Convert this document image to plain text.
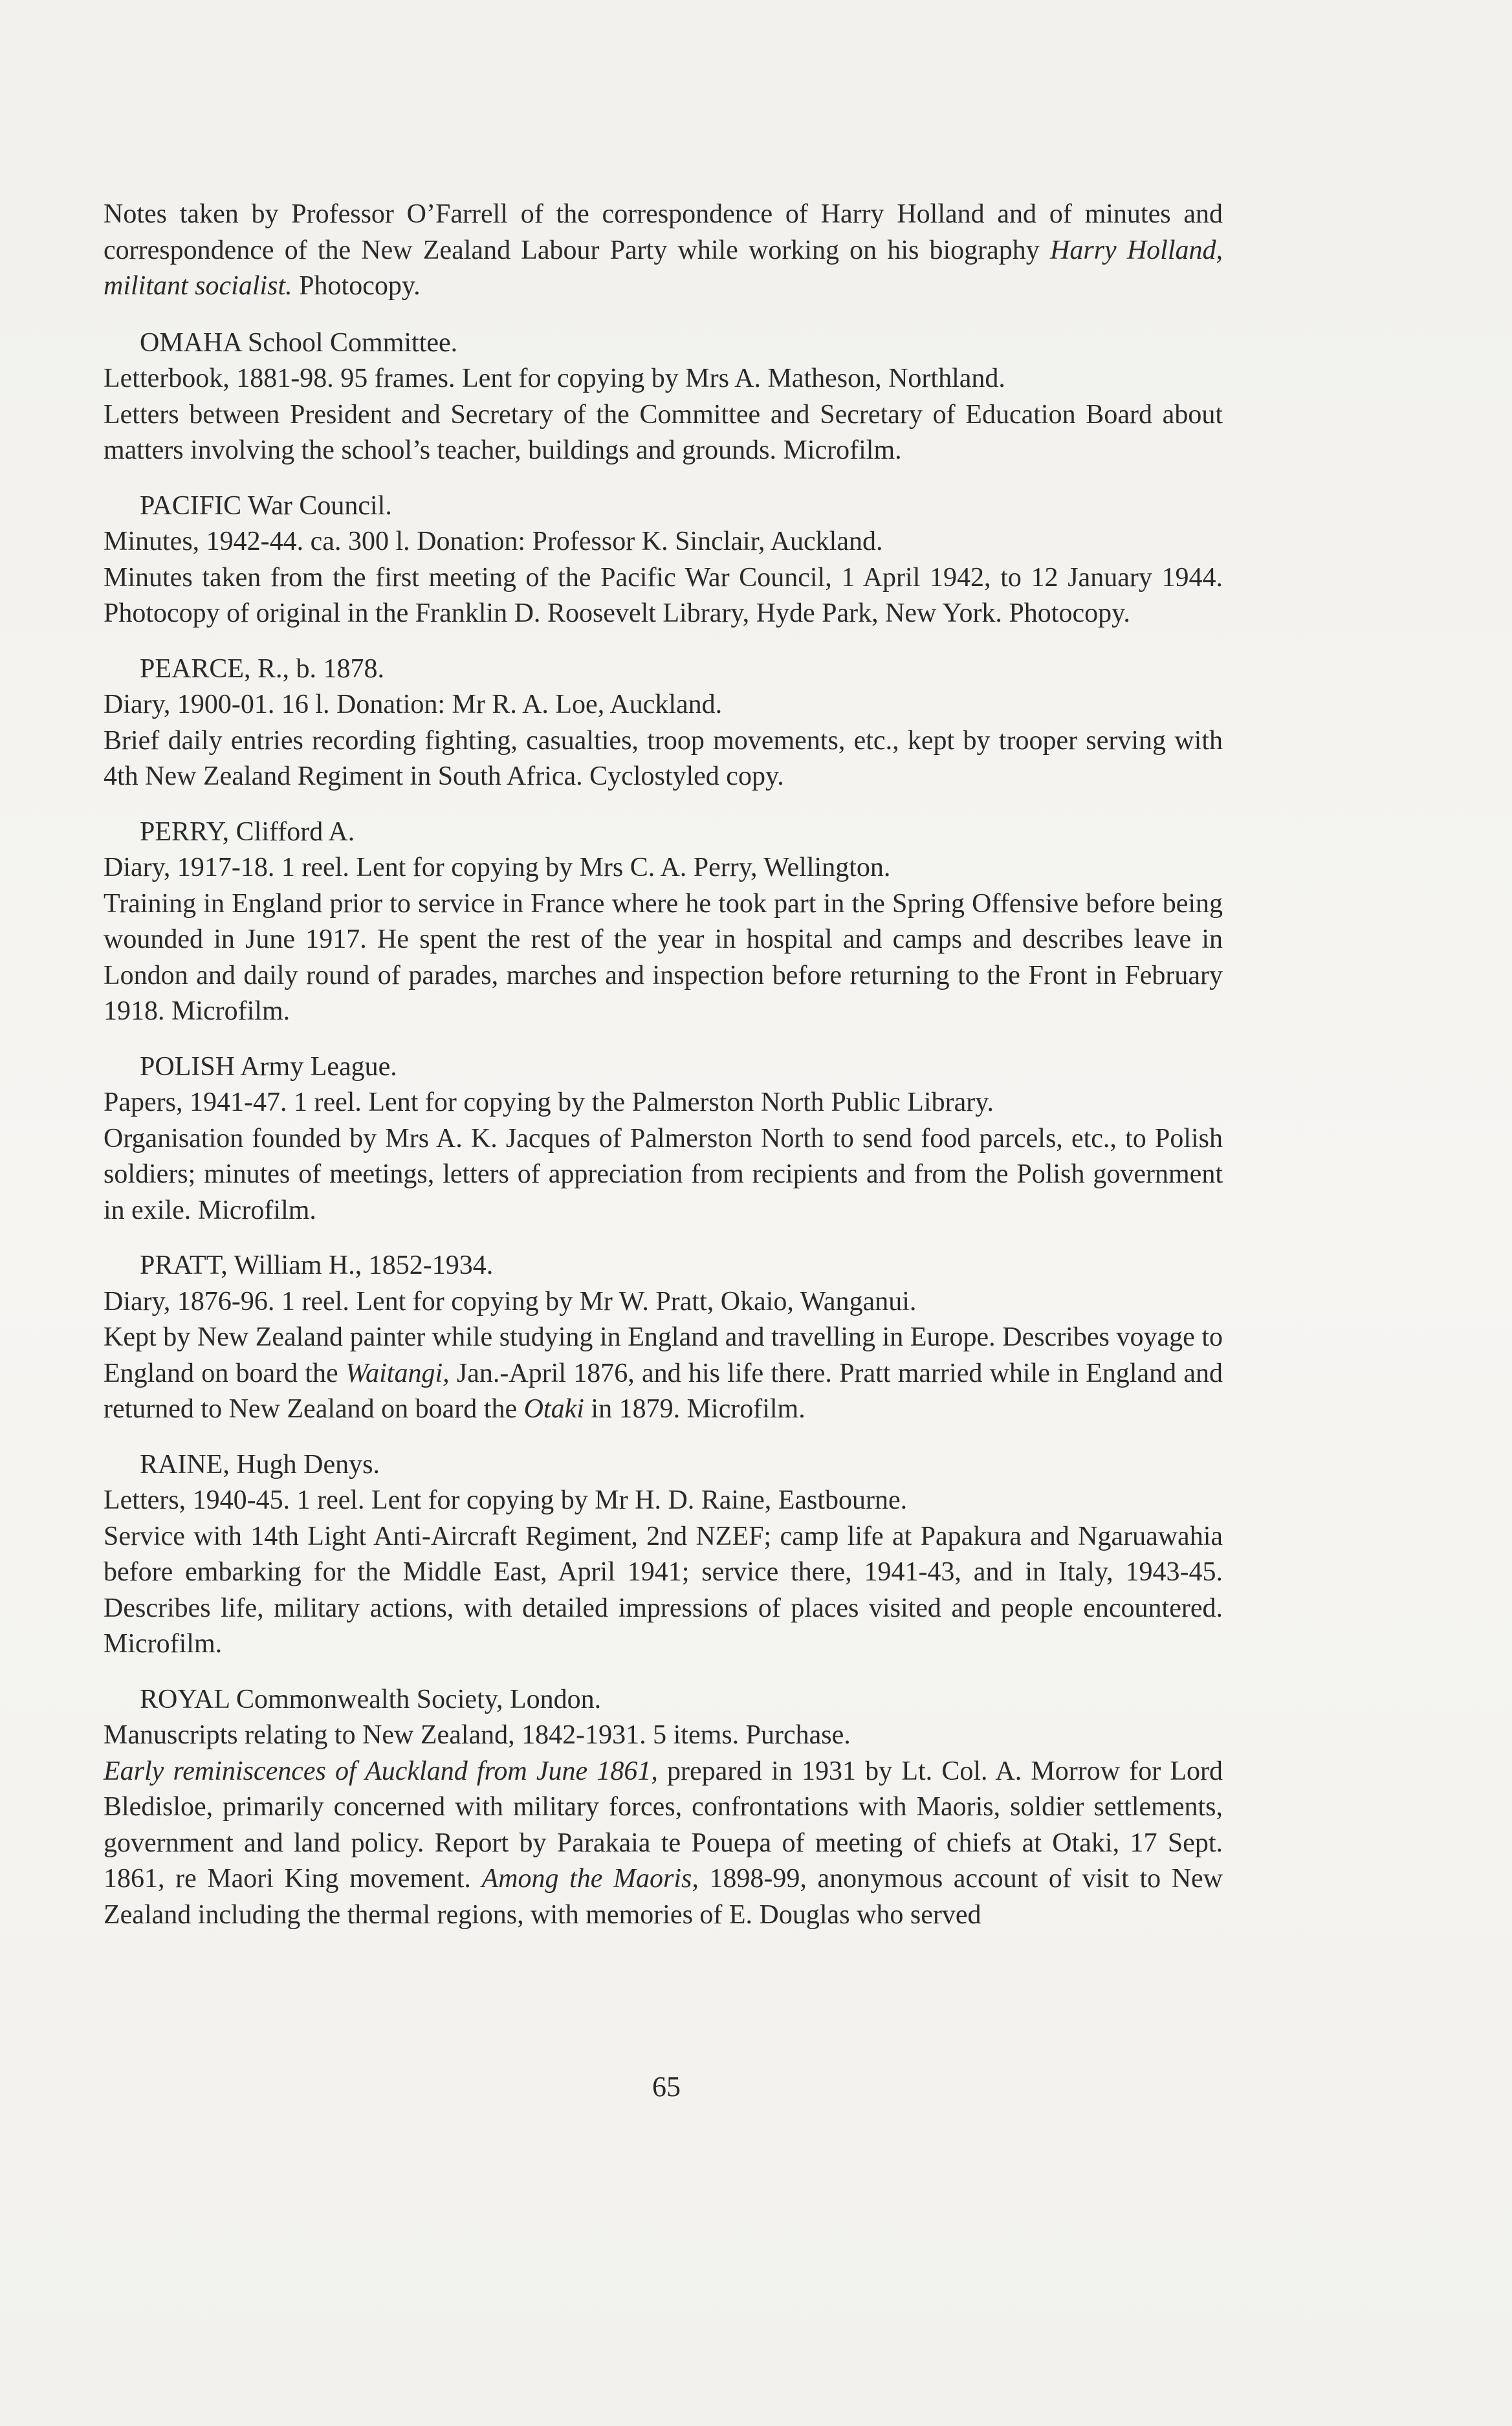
Notes taken by Professor O’Farrell of the correspondence of Harry Holland and of minutes and correspondence of the New Zealand Labour Party while working on his biography Harry Holland, militant socialist. Photocopy.

OMAHA School Committee.

Letterbook, 1881-98. 95 frames. Lent for copying by Mrs A. Matheson, Northland.

Letters between President and Secretary of the Committee and Secretary of Education Board about matters involving the school’s teacher, buildings and grounds. Microfilm.

PACIFIC War Council.

Minutes, 1942-44. ca. 300 l. Donation: Professor K. Sinclair, Auckland.

Minutes taken from the first meeting of the Pacific War Council, 1 April 1942, to 12 January 1944. Photocopy of original in the Franklin D. Roosevelt Library, Hyde Park, New York. Photocopy.

PEARCE, R., b. 1878.

Diary, 1900-01. 16 l. Donation: Mr R. A. Loe, Auckland.

Brief daily entries recording fighting, casualties, troop movements, etc., kept by trooper serving with 4th New Zealand Regiment in South Africa. Cyclostyled copy.

PERRY, Clifford A.

Diary, 1917-18. 1 reel. Lent for copying by Mrs C. A. Perry, Wellington.

Training in England prior to service in France where he took part in the Spring Offensive before being wounded in June 1917. He spent the rest of the year in hospital and camps and describes leave in London and daily round of parades, marches and inspection before returning to the Front in February 1918. Microfilm.

POLISH Army League.

Papers, 1941-47. 1 reel. Lent for copying by the Palmerston North Public Library.

Organisation founded by Mrs A. K. Jacques of Palmerston North to send food parcels, etc., to Polish soldiers; minutes of meetings, letters of appreciation from recipients and from the Polish government in exile. Microfilm.

PRATT, William H., 1852-1934.

Diary, 1876-96. 1 reel. Lent for copying by Mr W. Pratt, Okaio, Wanganui.

Kept by New Zealand painter while studying in England and travelling in Europe. Describes voyage to England on board the Waitangi, Jan.-April 1876, and his life there. Pratt married while in England and returned to New Zealand on board the Otaki in 1879. Microfilm.

RAINE, Hugh Denys.

Letters, 1940-45. 1 reel. Lent for copying by Mr H. D. Raine, Eastbourne.

Service with 14th Light Anti-Aircraft Regiment, 2nd NZEF; camp life at Papakura and Ngaruawahia before embarking for the Middle East, April 1941; service there, 1941-43, and in Italy, 1943-45. Describes life, military actions, with detailed impressions of places visited and people encountered. Microfilm.

ROYAL Commonwealth Society, London.

Manuscripts relating to New Zealand, 1842-1931. 5 items. Purchase.

Early reminiscences of Auckland from June 1861, prepared in 1931 by Lt. Col. A. Morrow for Lord Bledisloe, primarily concerned with military forces, confrontations with Maoris, soldier settlements, government and land policy. Report by Parakaia te Pouepa of meeting of chiefs at Otaki, 17 Sept. 1861, re Maori King movement. Among the Maoris, 1898-99, anonymous account of visit to New Zealand including the thermal regions, with memories of E. Douglas who served

65
